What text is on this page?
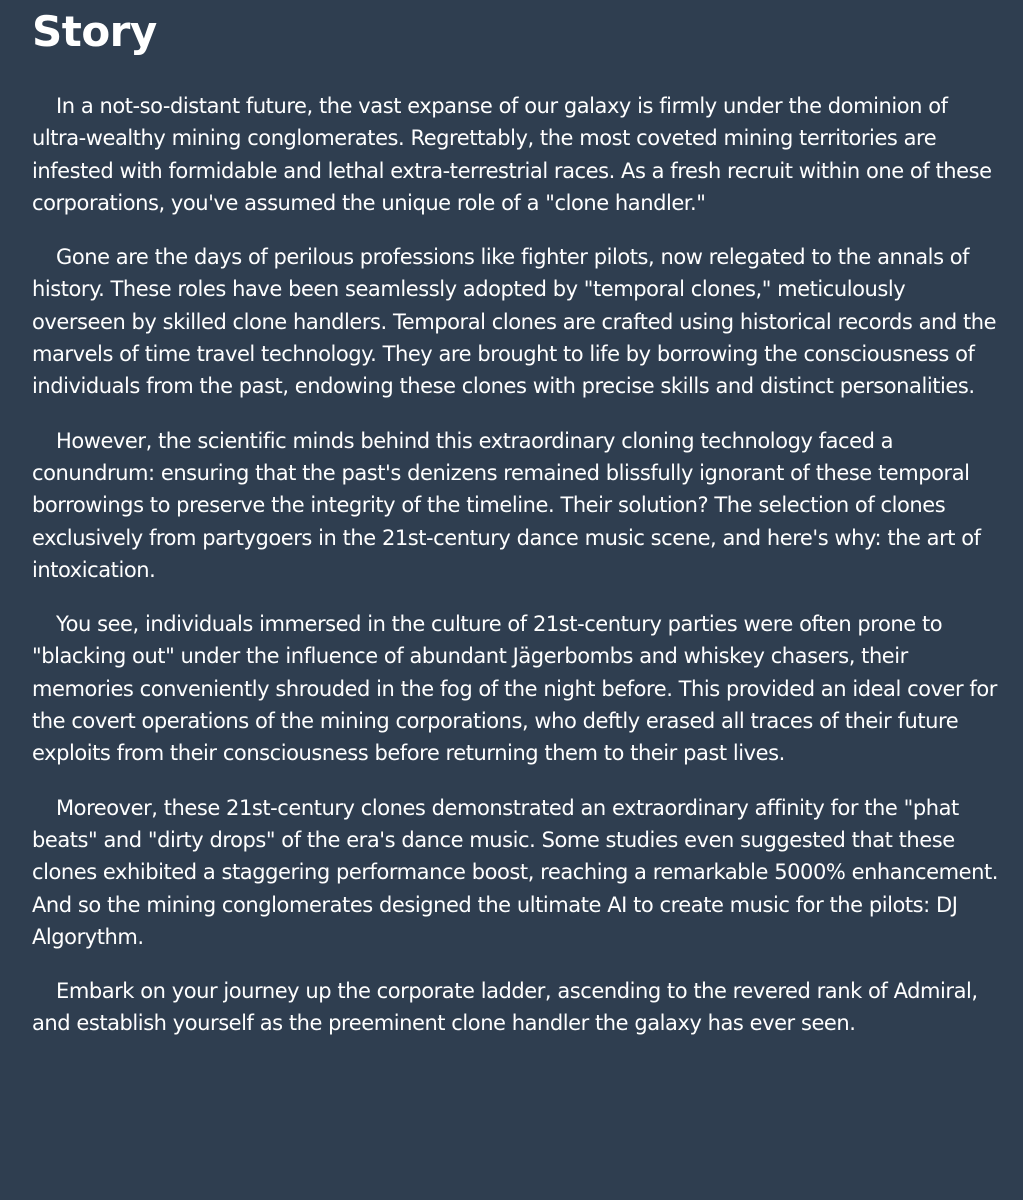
Story

In a not-so-distant future, the vast expanse of our galaxy is firmly under the dominion of ultra-wealthy mining conglomerates. Regrettably, the most coveted mining territories are infested with formidable and lethal extra-terrestrial races. As a fresh recruit within one of these corporations, you've assumed the unique role of a "clone handler."

Gone are the days of perilous professions like fighter pilots, now relegated to the annals of history. These roles have been seamlessly adopted by "temporal clones," meticulously overseen by skilled clone handlers. Temporal clones are crafted using historical records and the marvels of time travel technology. They are brought to life by borrowing the consciousness of individuals from the past, endowing these clones with precise skills and distinct personalities.

However, the scientific minds behind this extraordinary cloning technology faced a conundrum: ensuring that the past's denizens remained blissfully ignorant of these temporal borrowings to preserve the integrity of the timeline. Their solution? The selection of clones exclusively from partygoers in the 21st-century dance music scene, and here's why: the art of intoxication.

You see, individuals immersed in the culture of 21st-century parties were often prone to "blacking out" under the influence of abundant Jägerbombs and whiskey chasers, their memories conveniently shrouded in the fog of the night before. This provided an ideal cover for the covert operations of the mining corporations, who deftly erased all traces of their future exploits from their consciousness before returning them to their past lives.

Moreover, these 21st-century clones demonstrated an extraordinary affinity for the "phat beats" and "dirty drops" of the era's dance music. Some studies even suggested that these clones exhibited a staggering performance boost, reaching a remarkable 5000% enhancement. And so the mining conglomerates designed the ultimate AI to create music for the pilots: DJ Algorythm.

Embark on your journey up the corporate ladder, ascending to the revered rank of Admiral, and establish yourself as the preeminent clone handler the galaxy has ever seen.
